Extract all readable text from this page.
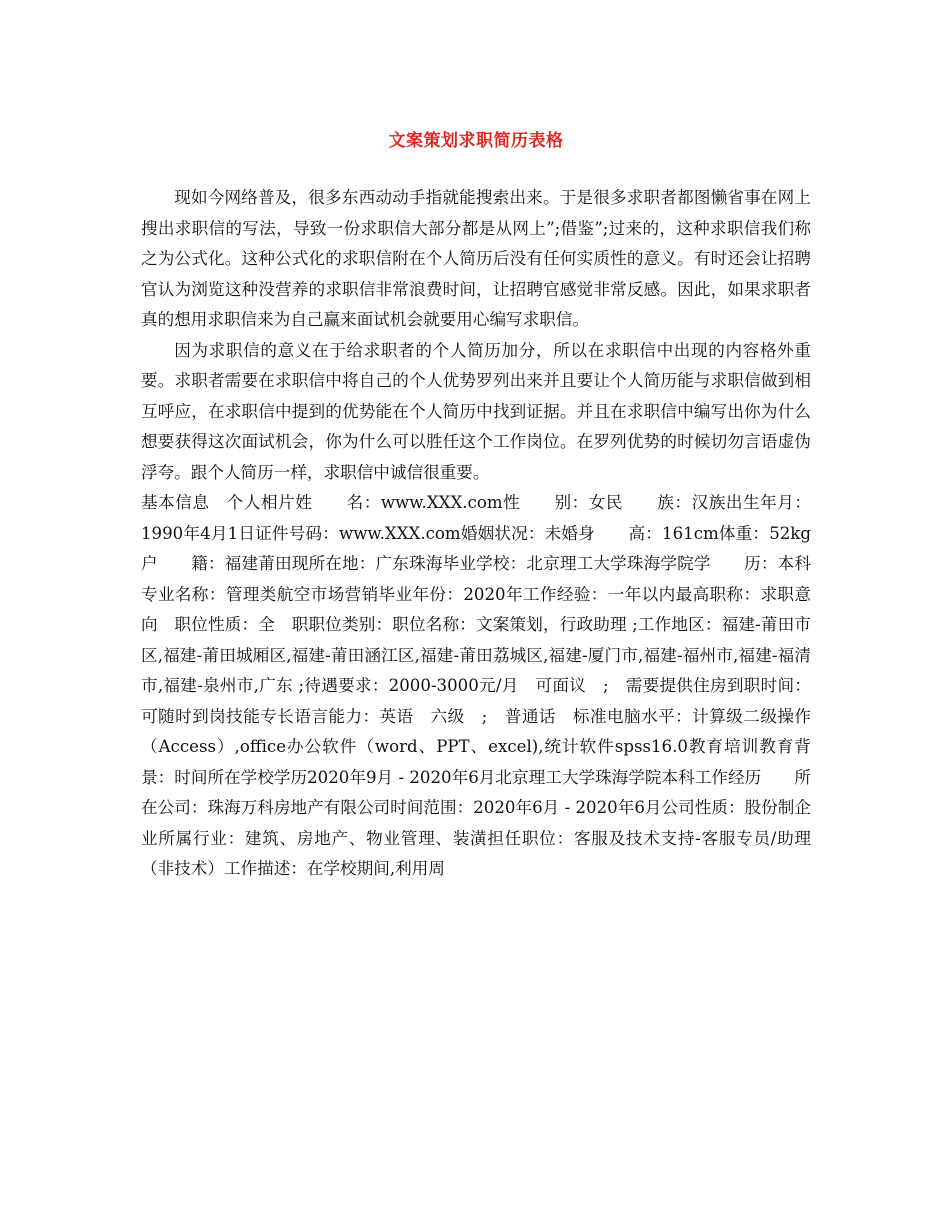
文案策划求职简历表格

现如今网络普及，很多东西动动手指就能搜索出来。于是很多求职者都图懒省事在网上搜出求职信的写法，导致一份求职信大部分都是从网上”;借鉴”;过来的，这种求职信我们称之为公式化。这种公式化的求职信附在个人简历后没有任何实质性的意义。有时还会让招聘官认为浏览这种没营养的求职信非常浪费时间，让招聘官感觉非常反感。因此，如果求职者真的想用求职信来为自己赢来面试机会就要用心编写求职信。

因为求职信的意义在于给求职者的个人简历加分，所以在求职信中出现的内容格外重要。求职者需要在求职信中将自己的个人优势罗列出来并且要让个人简历能与求职信做到相互呼应，在求职信中提到的优势能在个人简历中找到证据。并且在求职信中编写出你为什么想要获得这次面试机会，你为什么可以胜任这个工作岗位。在罗列优势的时候切勿言语虚伪浮夸。跟个人简历一样，求职信中诚信很重要。

基本信息　个人相片姓　　名：www.XXX.com性　　别：女民　　族：汉族出生年月：1990年4月1日证件号码：www.XXX.com婚姻状况：未婚身　　高：161cm体重：52kg户　　籍：福建莆田现所在地：广东珠海毕业学校：北京理工大学珠海学院学　　历：本科专业名称：管理类航空市场营销毕业年份：2020年工作经验：一年以内最高职称：求职意向　职位性质：全　职职位类别：职位名称：文案策划，行政助理 ;工作地区：福建-莆田市区,福建-莆田城厢区,福建-莆田涵江区,福建-莆田荔城区,福建-厦门市,福建-福州市,福建-福清市,福建-泉州市,广东 ;待遇要求：2000-3000元/月　可面议　;　需要提供住房到职时间：可随时到岗技能专长语言能力：英语　六级　;　普通话　标准电脑水平：计算级二级操作（Access）,office办公软件（word、PPT、excel),统计软件spss16.0教育培训教育背景：时间所在学校学历2020年9月 - 2020年6月北京理工大学珠海学院本科工作经历　　所在公司：珠海万科房地产有限公司时间范围：2020年6月 - 2020年6月公司性质：股份制企业所属行业：建筑、房地产、物业管理、装潢担任职位：客服及技术支持-客服专员/助理（非技术）工作描述：在学校期间,利用周
